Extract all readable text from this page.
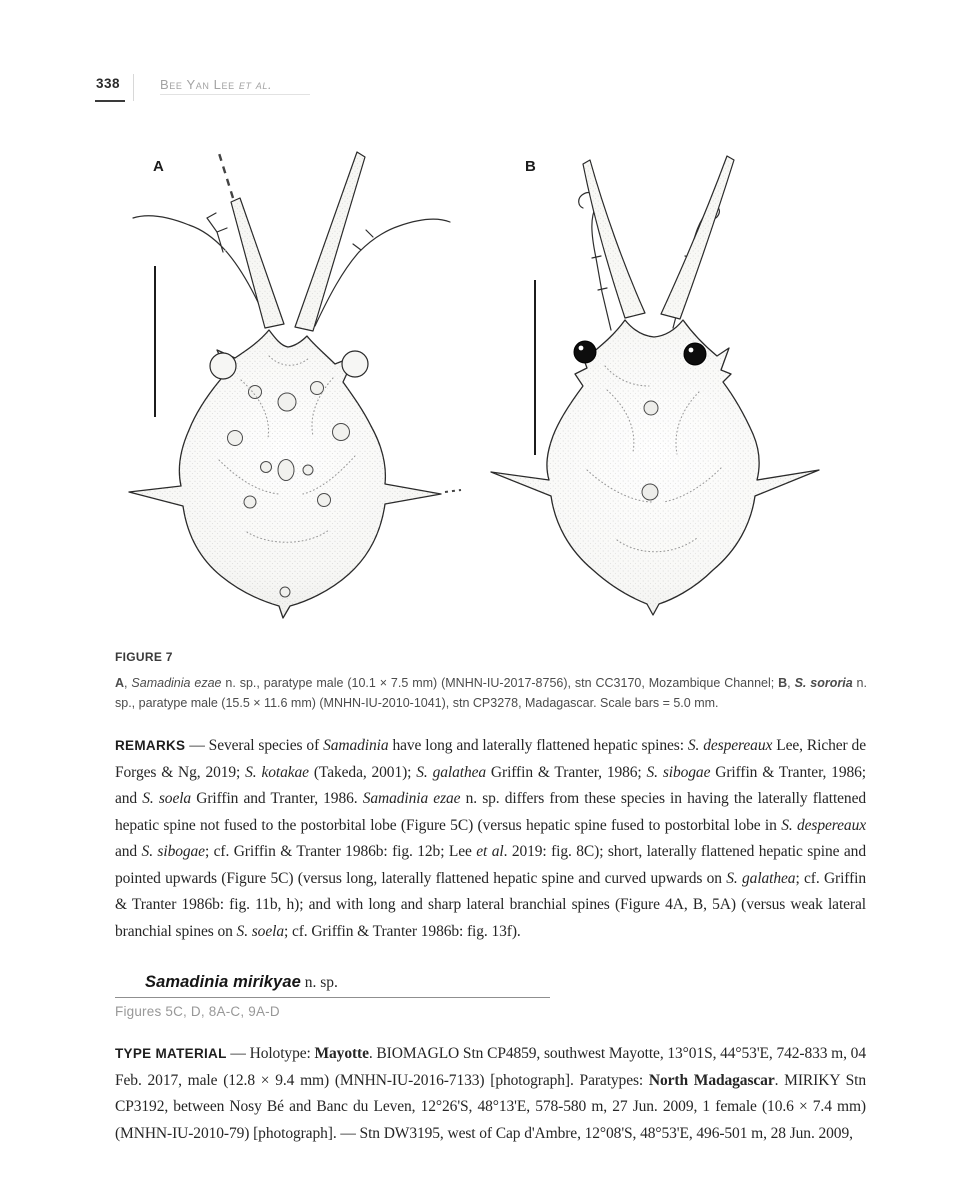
338	Bee Yan Lee et al.
A	B

FIGURE 7

A, Samadinia ezae n. sp., paratype male (10.1 × 7.5 mm) (MNHN-IU-2017-8756), stn CC3170, Mozambique Channel; B, S. sororia n. sp., paratype male (15.5 × 11.6 mm) (MNHN-IU-2010-1041), stn CP3278, Madagascar. Scale bars = 5.0 mm.

REMARKS — Several species of Samadinia have long and laterally flattened hepatic spines: S. despereaux Lee, Richer de Forges & Ng, 2019; S. kotakae (Takeda, 2001); S. galathea Griffin & Tranter, 1986; S. sibogae Griffin & Tranter, 1986; and S. soela Griffin and Tranter, 1986. Samadinia ezae n. sp. differs from these species in having the laterally flattened hepatic spine not fused to the postorbital lobe (Figure 5C) (versus hepatic spine fused to postorbital lobe in S. despereaux and S. sibogae; cf. Griffin & Tranter 1986b: fig. 12b; Lee et al. 2019: fig. 8C); short, laterally flattened hepatic spine and pointed upwards (Figure 5C) (versus long, laterally flattened hepatic spine and curved upwards on S. galathea; cf. Griffin & Tranter 1986b: fig. 11b, h); and with long and sharp lateral branchial spines (Figure 4A, B, 5A) (versus weak lateral branchial spines on S. soela; cf. Griffin & Tranter 1986b: fig. 13f).

Samadinia mirikyae n. sp.

Figures 5C, D, 8A-C, 9A-D

TYPE MATERIAL — Holotype: Mayotte. BIOMAGLO Stn CP4859, southwest Mayotte, 13°01S, 44°53'E, 742-833 m, 04 Feb. 2017, male (12.8 × 9.4 mm) (MNHN-IU-2016-7133) [photograph]. Paratypes: North Madagascar. MIRIKY Stn CP3192, between Nosy Bé and Banc du Leven, 12°26'S, 48°13'E, 578-580 m, 27 Jun. 2009, 1 female (10.6 × 7.4 mm) (MNHN-IU-2010-79) [photograph]. — Stn DW3195, west of Cap d'Ambre, 12°08'S, 48°53'E, 496-501 m, 28 Jun. 2009,
